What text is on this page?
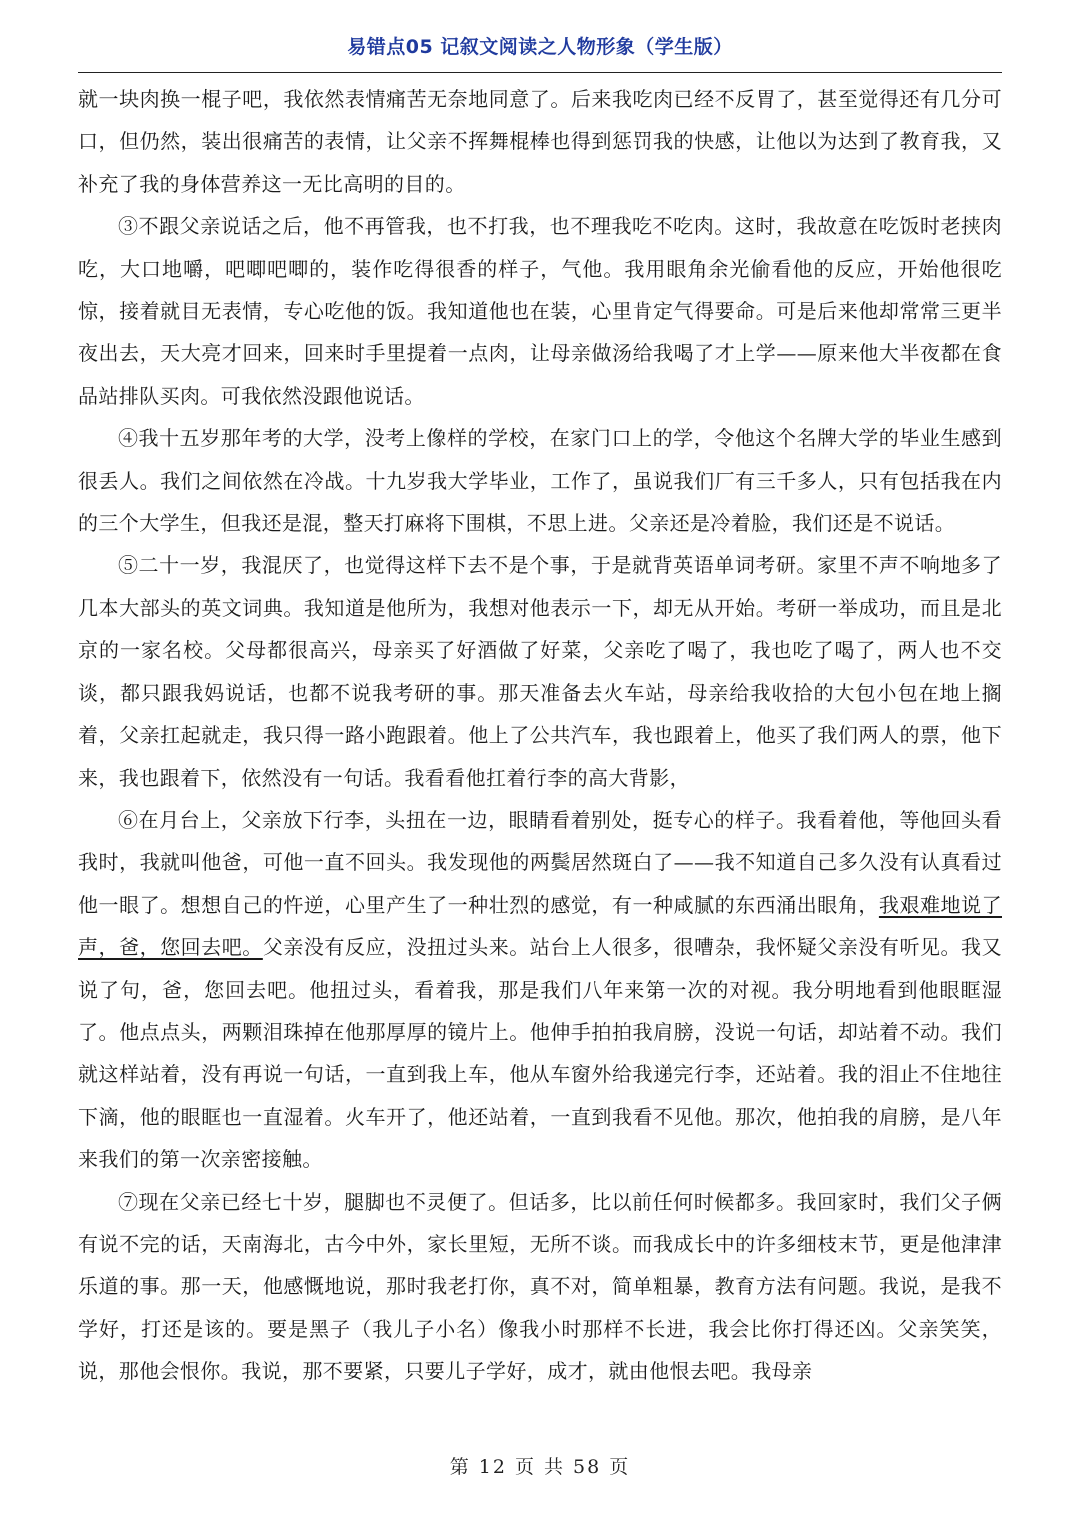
易错点05 记叙文阅读之人物形象（学生版）

就一块肉换一棍子吧，我依然表情痛苦无奈地同意了。后来我吃肉已经不反胃了，甚至觉得还有几分可口，但仍然，装出很痛苦的表情，让父亲不挥舞棍棒也得到惩罚我的快感，让他以为达到了教育我，又补充了我的身体营养这一无比高明的目的。

③不跟父亲说话之后，他不再管我，也不打我，也不理我吃不吃肉。这时，我故意在吃饭时老挟肉吃，大口地嚼，吧唧吧唧的，装作吃得很香的样子，气他。我用眼角余光偷看他的反应，开始他很吃惊，接着就目无表情，专心吃他的饭。我知道他也在装，心里肯定气得要命。可是后来他却常常三更半夜出去，天大亮才回来，回来时手里提着一点肉，让母亲做汤给我喝了才上学——原来他大半夜都在食品站排队买肉。可我依然没跟他说话。

④我十五岁那年考的大学，没考上像样的学校，在家门口上的学，令他这个名牌大学的毕业生感到很丢人。我们之间依然在冷战。十九岁我大学毕业，工作了，虽说我们厂有三千多人，只有包括我在内的三个大学生，但我还是混，整天打麻将下围棋，不思上进。父亲还是冷着脸，我们还是不说话。

⑤二十一岁，我混厌了，也觉得这样下去不是个事，于是就背英语单词考研。家里不声不响地多了几本大部头的英文词典。我知道是他所为，我想对他表示一下，却无从开始。考研一举成功，而且是北京的一家名校。父母都很高兴，母亲买了好酒做了好菜，父亲吃了喝了，我也吃了喝了，两人也不交谈，都只跟我妈说话，也都不说我考研的事。那天准备去火车站，母亲给我收拾的大包小包在地上搁着，父亲扛起就走，我只得一路小跑跟着。他上了公共汽车，我也跟着上，他买了我们两人的票，他下来，我也跟着下，依然没有一句话。我看看他扛着行李的高大背影，

⑥在月台上，父亲放下行李，头扭在一边，眼睛看着别处，挺专心的样子。我看着他，等他回头看我时，我就叫他爸，可他一直不回头。我发现他的两鬓居然斑白了——我不知道自己多久没有认真看过他一眼了。想想自己的忤逆，心里产生了一种壮烈的感觉，有一种咸腻的东西涌出眼角，我艰难地说了声，爸，您回去吧。父亲没有反应，没扭过头来。站台上人很多，很嘈杂，我怀疑父亲没有听见。我又说了句，爸，您回去吧。他扭过头，看着我，那是我们八年来第一次的对视。我分明地看到他眼眶湿了。他点点头，两颗泪珠掉在他那厚厚的镜片上。他伸手拍拍我肩膀，没说一句话，却站着不动。我们就这样站着，没有再说一句话，一直到我上车，他从车窗外给我递完行李，还站着。我的泪止不住地往下滴，他的眼眶也一直湿着。火车开了，他还站着，一直到我看不见他。那次，他拍我的肩膀，是八年来我们的第一次亲密接触。

⑦现在父亲已经七十岁，腿脚也不灵便了。但话多，比以前任何时候都多。我回家时，我们父子俩有说不完的话，天南海北，古今中外，家长里短，无所不谈。而我成长中的许多细枝末节，更是他津津乐道的事。那一天，他感慨地说，那时我老打你，真不对，简单粗暴，教育方法有问题。我说，是我不学好，打还是该的。要是黑子（我儿子小名）像我小时那样不长进，我会比你打得还凶。父亲笑笑，说，那他会恨你。我说，那不要紧，只要儿子学好，成才，就由他恨去吧。我母亲

第 12 页 共 58 页
